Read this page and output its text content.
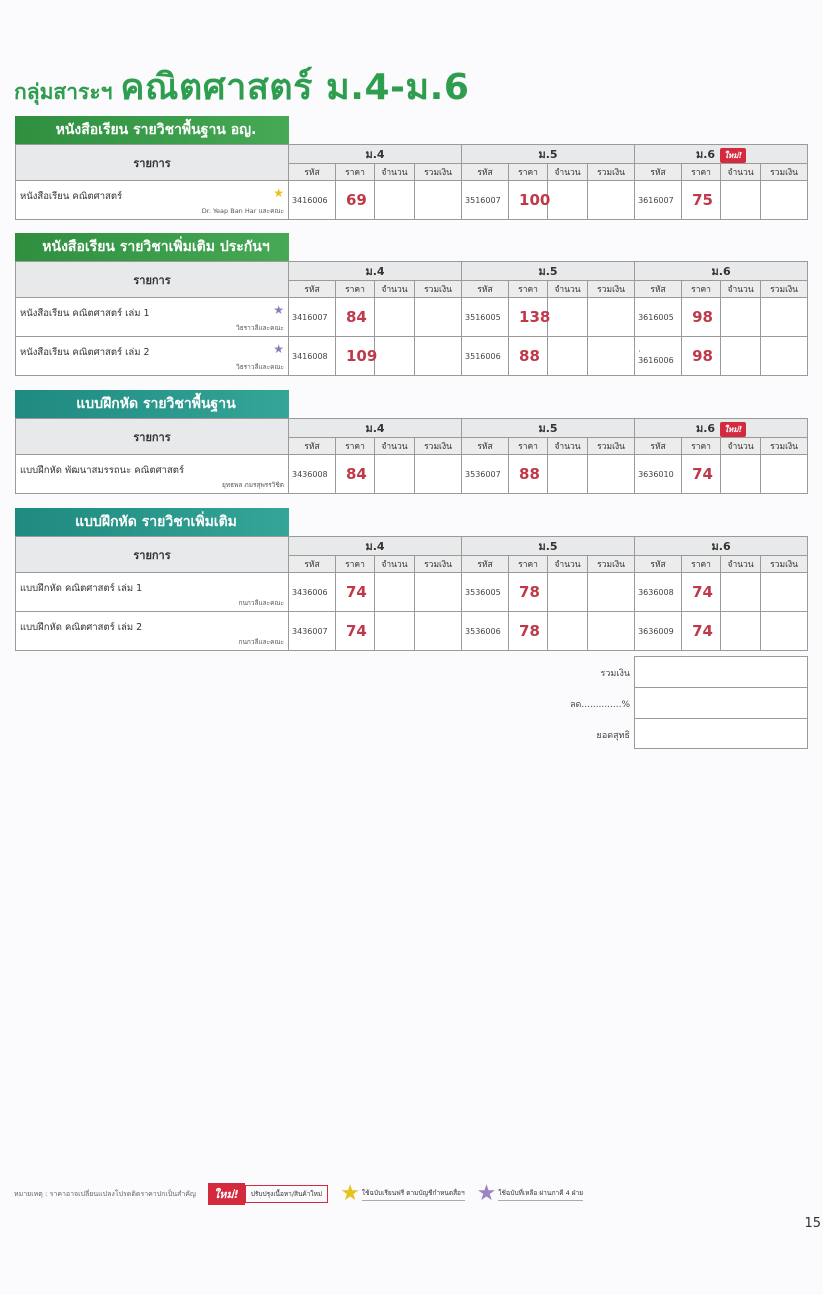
กลุ่มสาระฯ คณิตศาสตร์ ม.4-ม.6
หนังสือเรียน รายวิชาพื้นฐาน อญ.
รายการ	ม.4				ม.5				ม.6 ใหม่!			
	รหัส	ราคา	จำนวน	รวมเงิน	รหัส	ราคา	จำนวน	รวมเงิน	รหัส	ราคา	จำนวน	รวมเงิน

หนังสือเรียน คณิตศาสตร์ ★
Dr. Yeap Ban Har และคณะ	3416006	69			3516007	100			3616007	75		
หนังสือเรียน รายวิชาเพิ่มเติม ประกันฯ
รายการ	ม.4				ม.5				ม.6			
	รหัส	ราคา	จำนวน	รวมเงิน	รหัส	ราคา	จำนวน	รวมเงิน	รหัส	ราคา	จำนวน	รวมเงิน

หนังสือเรียน คณิตศาสตร์ เล่ม 1 ★
วิธราวลีและคณะ	3416007	84			3516005	138			3616005	98		

หนังสือเรียน คณิตศาสตร์ เล่ม 2 ★
วิธราวลีและคณะ	3416008	109			3516006	88			· 3616006	98		
แบบฝึกหัด รายวิชาพื้นฐาน
รายการ	ม.4				ม.5				ม.6 ใหม่!			
	รหัส	ราคา	จำนวน	รวมเงิน	รหัส	ราคา	จำนวน	รวมเงิน	รหัส	ราคา	จำนวน	รวมเงิน

แบบฝึกหัด พัฒนาสมรรถนะ คณิตศาสตร์
ยุทธพล ภมรสุพรรวิชิต	3436008	84			3536007	88			3636010	74		
แบบฝึกหัด รายวิชาเพิ่มเติม
รายการ	ม.4				ม.5				ม.6			
	รหัส	ราคา	จำนวน	รวมเงิน	รหัส	ราคา	จำนวน	รวมเงิน	รหัส	ราคา	จำนวน	รวมเงิน

แบบฝึกหัด คณิตศาสตร์ เล่ม 1
กนกวลีและคณะ	3436006	74			3536005	78			3636008	74		

แบบฝึกหัด คณิตศาสตร์ เล่ม 2
กนกวลีและคณะ	3436007	74			3536006	78			3636009	74		
รวมเงิน
ลด..............%
ยอดสุทธิ
หมายเหตุ : ราคาอาจเปลี่ยนแปลงโปรดติดราคาปกเป็นสำคัญ	ใหม่!	ปรับปรุงเนื้อหา/สินค้าใหม่ ★ ใช้ฉบับเรียนฟรี ตามบัญชีกำหนดสื่อฯ ★ ใช้ฉบับที่เหลือ ผ่านภาคี 4 ฝ่าย
15
